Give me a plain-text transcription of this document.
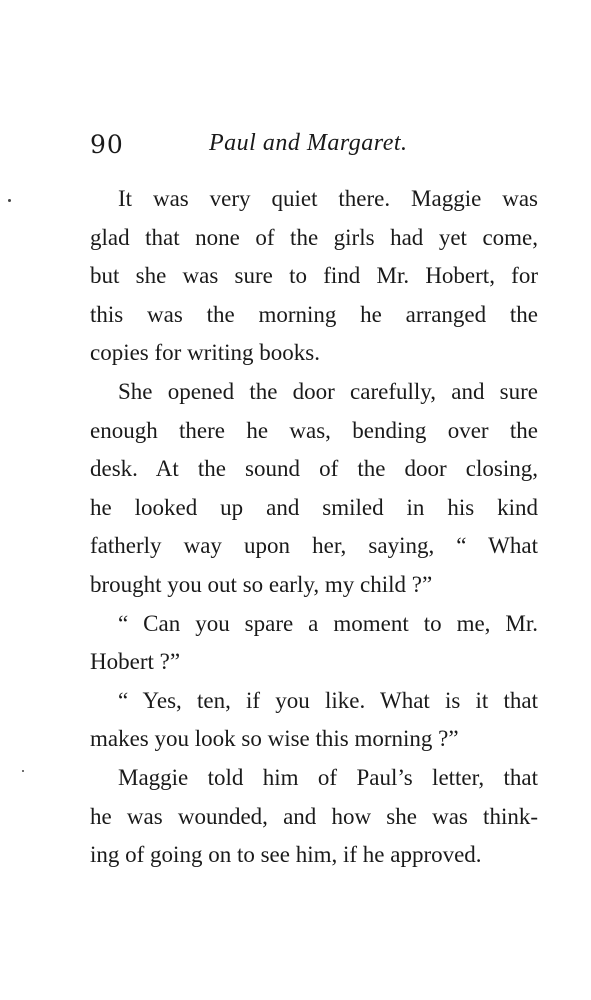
90	Paul and Margaret.
It was very quiet there. Maggie was
glad that none of the girls had yet come,
but she was sure to find Mr. Hobert, for
this was the morning he arranged the
copies for writing books.
She opened the door carefully, and sure
enough there he was, bending over the
desk. At the sound of the door closing,
he looked up and smiled in his kind
fatherly way upon her, saying, “ What
brought you out so early, my child ?”
“ Can you spare a moment to me, Mr.
Hobert ?”
“ Yes, ten, if you like. What is it that
makes you look so wise this morning ?”
Maggie told him of Paul’s letter, that
he was wounded, and how she was think-
ing of going on to see him, if he approved.
